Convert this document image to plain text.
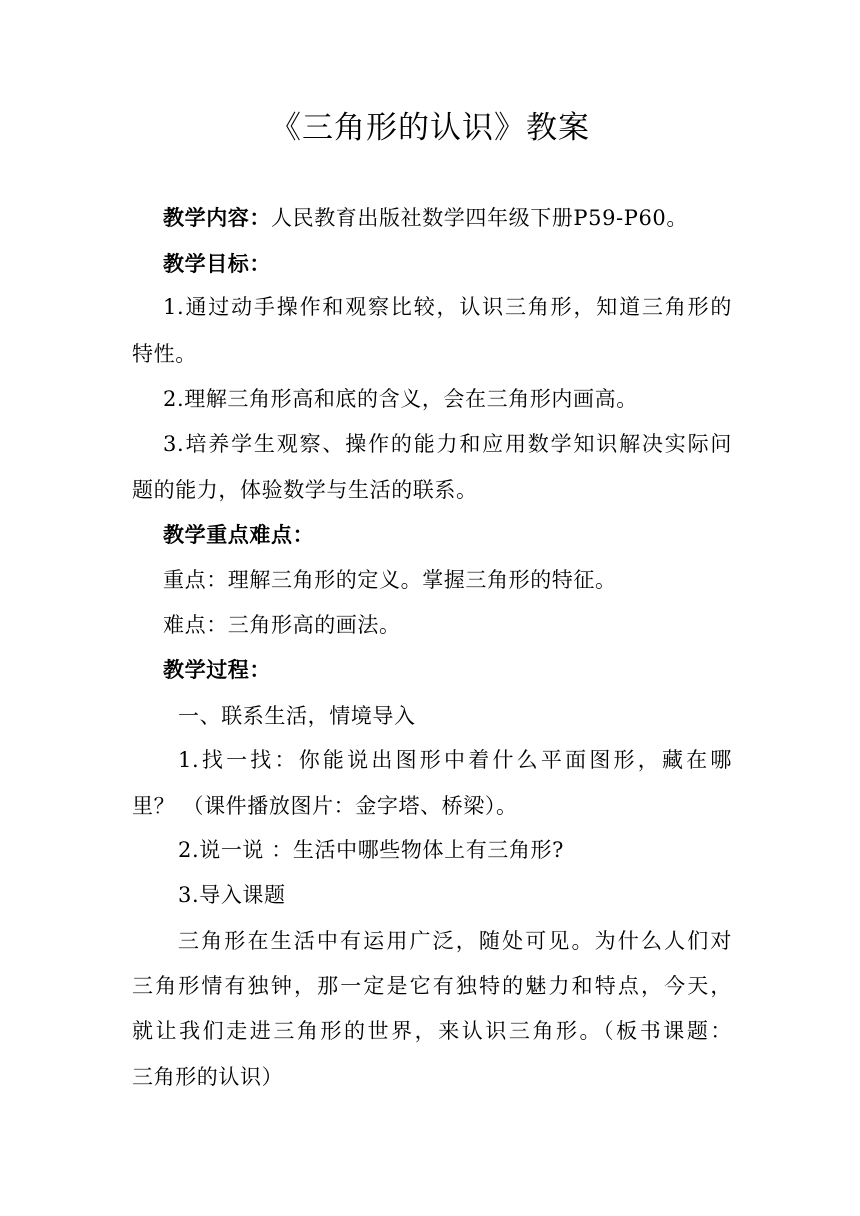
《三角形的认识》教案
教学内容：人民教育出版社数学四年级下册P59-P60。
教学目标：
1.通过动手操作和观察比较，认识三角形，知道三角形的
特性。
2.理解三角形高和底的含义，会在三角形内画高。
3.培养学生观察、操作的能力和应用数学知识解决实际问
题的能力，体验数学与生活的联系。
教学重点难点：
重点：理解三角形的定义。掌握三角形的特征。
难点：三角形高的画法。
教学过程：
一、联系生活，情境导入
1.找一找：你能说出图形中着什么平面图形，藏在哪
里？ （课件播放图片：金字塔、桥梁）。
2.说一说 ：生活中哪些物体上有三角形?
3.导入课题
三角形在生活中有运用广泛，随处可见。为什么人们对
三角形情有独钟，那一定是它有独特的魅力和特点，今天，
就让我们走进三角形的世界，来认识三角形。（板书课题：
三角形的认识）
